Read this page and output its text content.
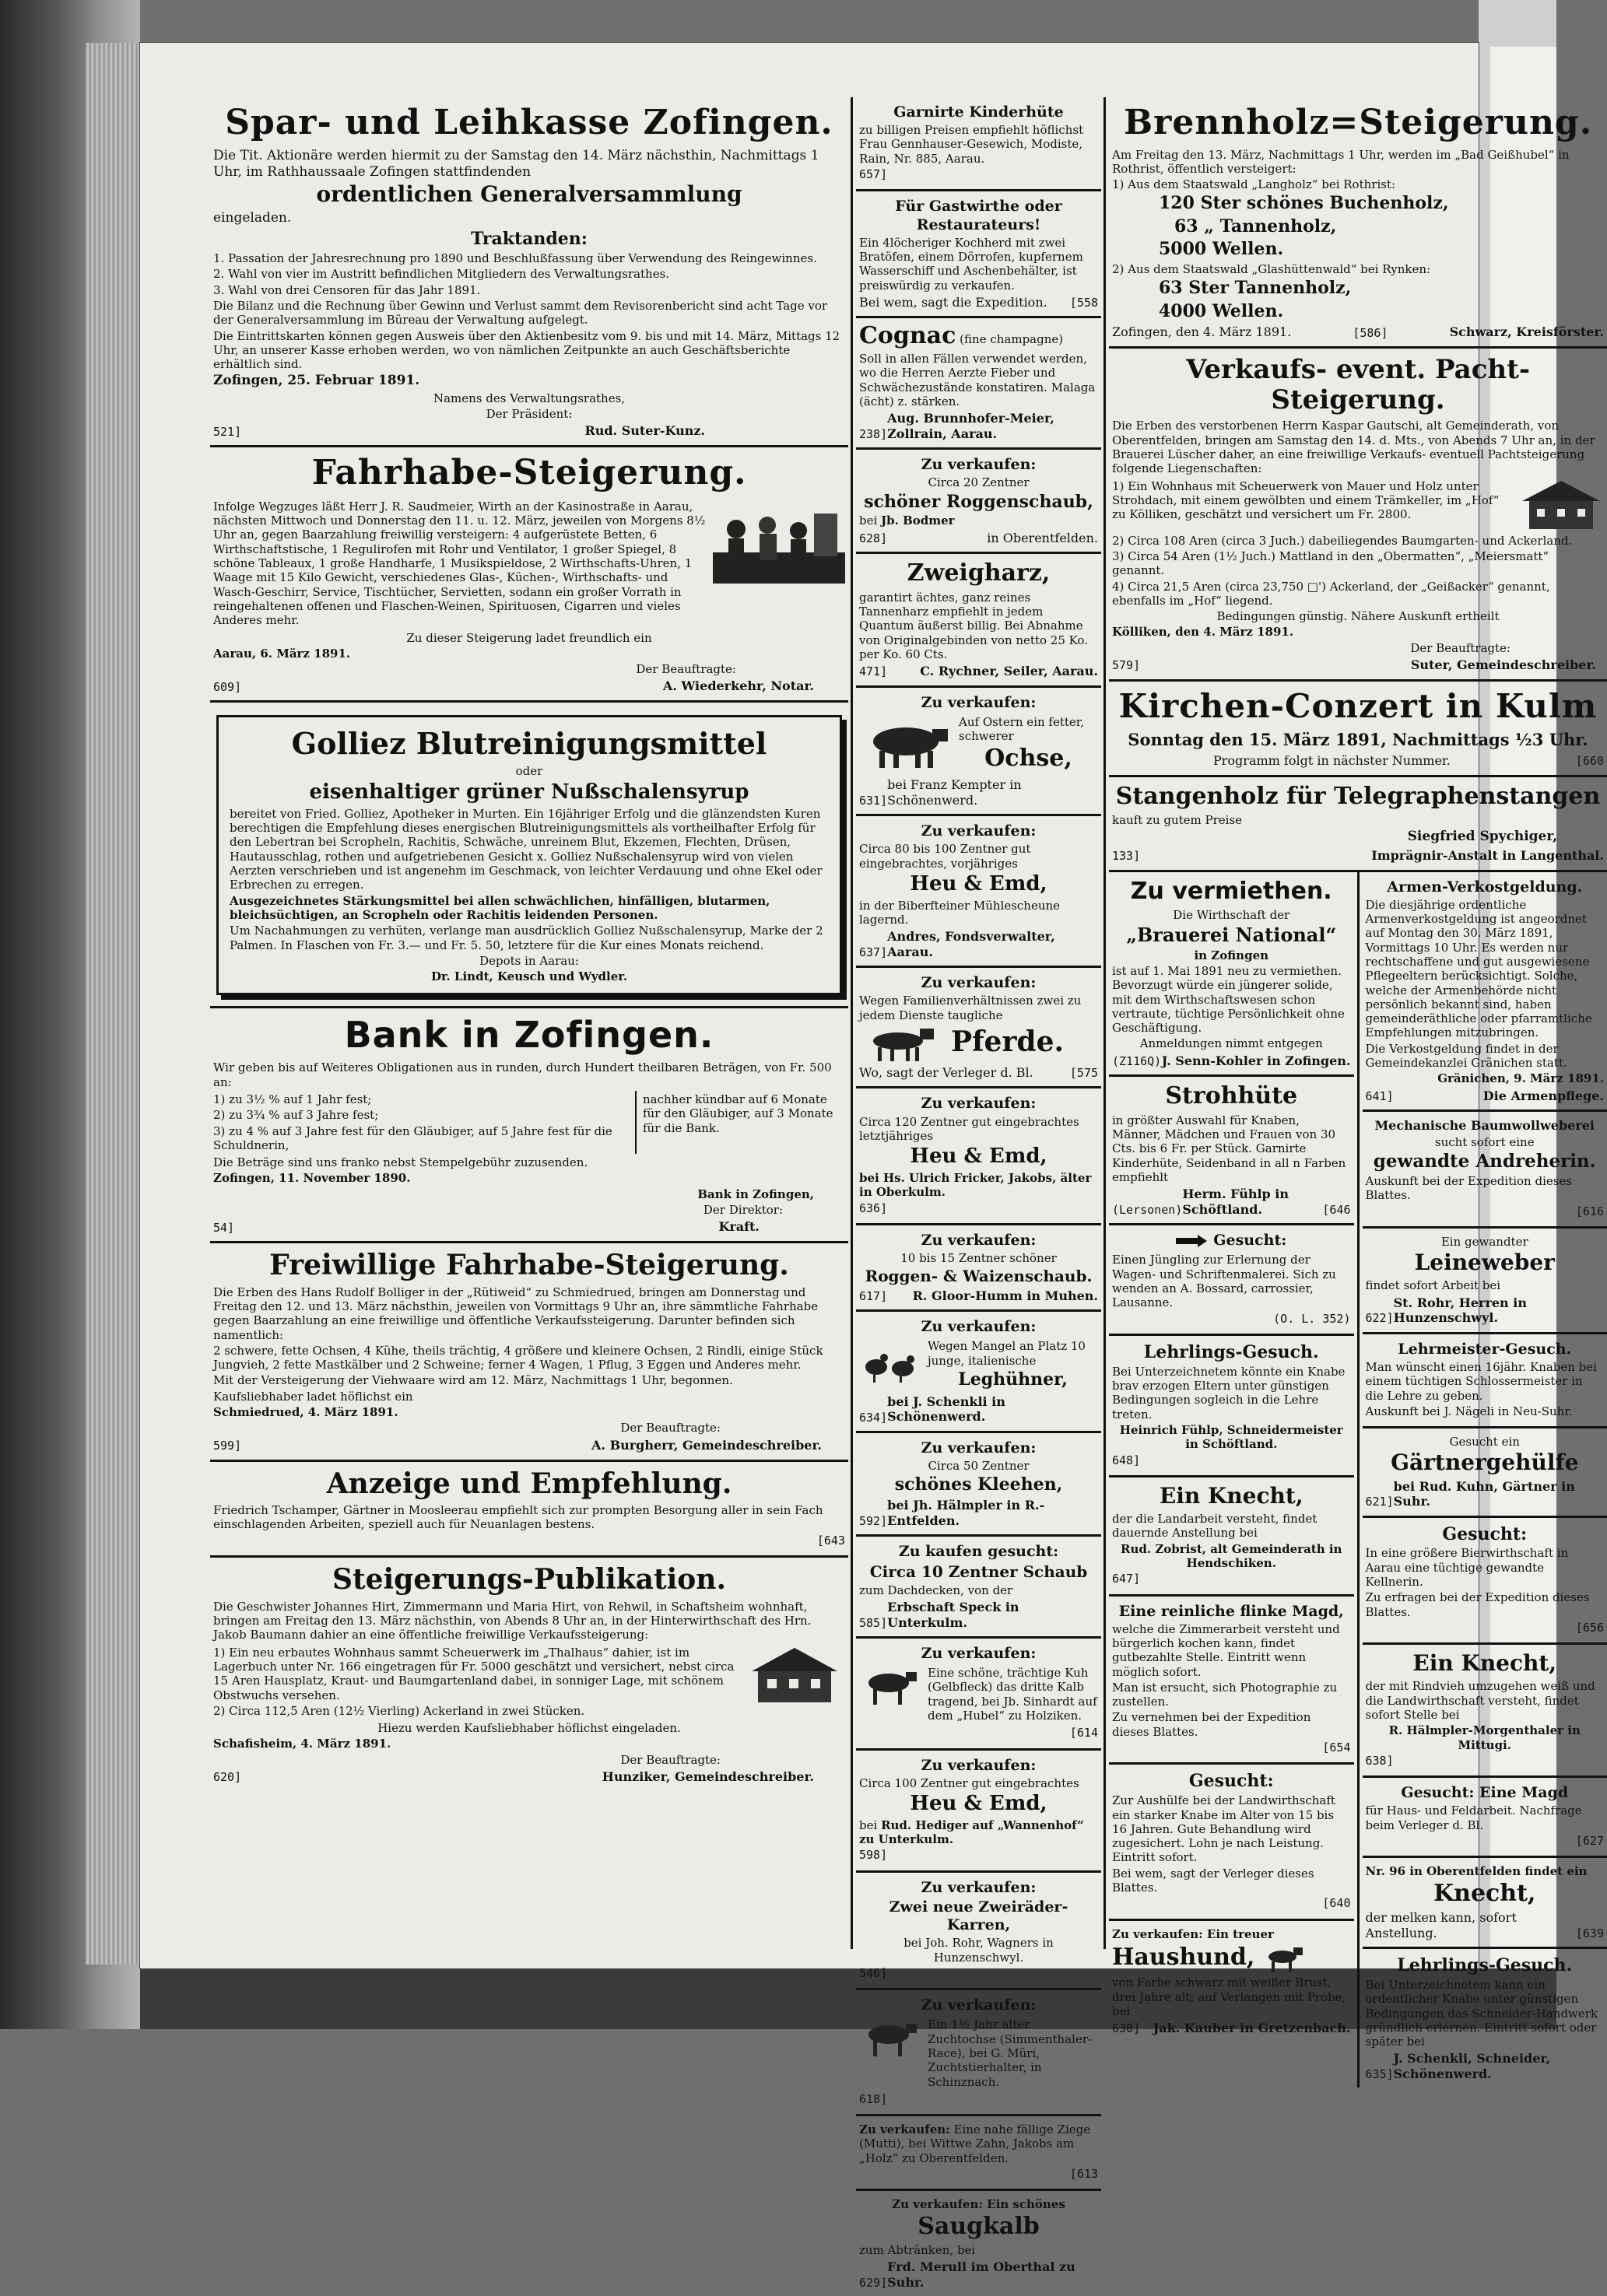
Spar- und Leihkasse Zofingen.

Die Tit. Aktionäre werden hiermit zu der Samstag den 14. März nächsthin, Nachmittags 1 Uhr, im Rathhaussaale Zofingen stattfindenden

ordentlichen Generalversammlung

eingeladen.

Traktanden:

1. Passation der Jahresrechnung pro 1890 und Beschlußfassung über Verwendung des Reingewinnes.

2. Wahl von vier im Austritt befindlichen Mitgliedern des Verwaltungsrathes.

3. Wahl von drei Censoren für das Jahr 1891.

Die Bilanz und die Rechnung über Gewinn und Verlust sammt dem Revisorenbericht sind acht Tage vor der Generalversammlung im Büreau der Verwaltung aufgelegt.

Die Eintrittskarten können gegen Ausweis über den Aktienbesitz vom 9. bis und mit 14. März, Mittags 12 Uhr, an unserer Kasse erhoben werden, wo von nämlichen Zeitpunkte an auch Geschäftsberichte erhältlich sind.

Zofingen, 25. Februar 1891.

Namens des Verwaltungsrathes,

Der Präsident:

521]	Rud. Suter-Kunz.
Fahrhabe-Steigerung.

Infolge Wegzuges läßt Herr J. R. Saudmeier, Wirth an der Kasinostraße in Aarau, nächsten Mittwoch und Donnerstag den 11. u. 12. März, jeweilen von Morgens 8½ Uhr an, gegen Baarzahlung freiwillig versteigern: 4 aufgerüstete Betten, 6 Wirthschaftstische, 1 Regulirofen mit Rohr und Ventilator, 1 großer Spiegel, 8 schöne Tableaux, 1 große Handharfe, 1 Musikspieldose, 2 Wirthschafts-Uhren, 1 Waage mit 15 Kilo Gewicht, verschiedenes Glas-, Küchen-, Wirthschafts- und Wasch-Geschirr, Service, Tischtücher, Servietten, sodann ein großer Vorrath in reingehaltenen offenen und Flaschen-Weinen, Spirituosen, Cigarren und vieles Anderes mehr.

Zu dieser Steigerung ladet freundlich ein

Aarau, 6. März 1891.

Der Beauftragte:

609]	A. Wiederkehr, Notar.
Golliez Blutreinigungsmittel

oder

eisenhaltiger grüner Nußschalensyrup

bereitet von Fried. Golliez, Apotheker in Murten. Ein 16jähriger Erfolg und die glänzendsten Kuren berechtigen die Empfehlung dieses energischen Blutreinigungsmittels als vortheilhafter Erfolg für den Lebertran bei Scropheln, Rachitis, Schwäche, unreinem Blut, Ekzemen, Flechten, Drüsen, Hautausschlag, rothen und aufgetriebenen Gesicht x. Golliez Nußschalensyrup wird von vielen Aerzten verschrieben und ist angenehm im Geschmack, von leichter Verdauung und ohne Ekel oder Erbrechen zu erregen.

Ausgezeichnetes Stärkungsmittel bei allen schwächlichen, hinfälligen, blutarmen, bleichsüchtigen, an Scropheln oder Rachitis leidenden Personen.

Um Nachahmungen zu verhüten, verlange man ausdrücklich Golliez Nußschalensyrup, Marke der 2 Palmen. In Flaschen von Fr. 3.— und Fr. 5. 50, letztere für die Kur eines Monats reichend.

Depots in Aarau:

Dr. Lindt, Keusch und Wydler.

Bank in Zofingen.

Wir geben bis auf Weiteres Obligationen aus in runden, durch Hundert theilbaren Beträgen, von Fr. 500 an:

1) zu 3½ % auf 1 Jahr fest;

2) zu 3¾ % auf 3 Jahre fest;

3) zu 4 % auf 3 Jahre fest für den Gläubiger, auf 5 Jahre fest für die Schuldnerin,

nachher kündbar auf 6 Monate für den Gläubiger, auf 3 Monate für die Bank.

Die Beträge sind uns franko nebst Stempelgebühr zuzusenden.

Zofingen, 11. November 1890.

Bank in Zofingen,

Der Direktor:

54]	Kraft.
Freiwillige Fahrhabe-Steigerung.

Die Erben des Hans Rudolf Bolliger in der „Rütiweid“ zu Schmiedrued, bringen am Donnerstag und Freitag den 12. und 13. März nächsthin, jeweilen von Vormittags 9 Uhr an, ihre sämmtliche Fahrhabe gegen Baarzahlung an eine freiwillige und öffentliche Verkaufssteigerung. Darunter befinden sich namentlich:

2 schwere, fette Ochsen, 4 Kühe, theils trächtig, 4 größere und kleinere Ochsen, 2 Rindli, einige Stück Jungvieh, 2 fette Mastkälber und 2 Schweine; ferner 4 Wagen, 1 Pflug, 3 Eggen und Anderes mehr.

Mit der Versteigerung der Viehwaare wird am 12. März, Nachmittags 1 Uhr, begonnen.

Kaufsliebhaber ladet höflichst ein

Schmiedrued, 4. März 1891.

Der Beauftragte:

599]	A. Burgherr, Gemeindeschreiber.
Anzeige und Empfehlung.

Friedrich Tschamper, Gärtner in Moosleerau empfiehlt sich zur prompten Besorgung aller in sein Fach einschlagenden Arbeiten, speziell auch für Neuanlagen bestens.

[643

Steigerungs-Publikation.

Die Geschwister Johannes Hirt, Zimmermann und Maria Hirt, von Rehwil, in Schaftsheim wohnhaft, bringen am Freitag den 13. März nächsthin, von Abends 8 Uhr an, in der Hinterwirthschaft des Hrn. Jakob Baumann dahier an eine öffentliche freiwillige Verkaufssteigerung:

1) Ein neu erbautes Wohnhaus sammt Scheuerwerk im „Thalhaus“ dahier, ist im Lagerbuch unter Nr. 166 eingetragen für Fr. 5000 geschätzt und versichert, nebst circa 15 Aren Hausplatz, Kraut- und Baumgartenland dabei, in sonniger Lage, mit schönem Obstwuchs versehen.

2) Circa 112,5 Aren (12½ Vierling) Ackerland in zwei Stücken.

Hiezu werden Kaufsliebhaber höflichst eingeladen.

Schafisheim, 4. März 1891.

Der Beauftragte:

620]	Hunziker, Gemeindeschreiber.
Garnirte Kinderhüte

zu billigen Preisen empfiehlt höflichst Frau Gennhauser-Gesewich, Modiste, Rain, Nr. 885, Aarau.

657]

Für Gastwirthe oder Restaurateurs!

Ein 4löcheriger Kochherd mit zwei Bratöfen, einem Dörrofen, kupfernem Wasserschiff und Aschenbehälter, ist preiswürdig zu verkaufen.

Bei wem, sagt die Expedition. [558
Cognac (fine champagne)

Soll in allen Fällen verwendet werden, wo die Herren Aerzte Fieber und Schwächezustände konstatiren. Malaga (ächt) z. stärken.

238]
Aug. Brunnhofer-Meier, Zollrain, Aarau.
Zu verkaufen:

Circa 20 Zentner

schöner Roggenschaub,

bei Jb. Bodmer

628]	in Oberentfelden.
Zweigharz,

garantirt ächtes, ganz reines Tannenharz empfiehlt in jedem Quantum äußerst billig. Bei Abnahme von Originalgebinden von netto 25 Ko. per Ko. 60 Cts.

471]	C. Rychner, Seiler, Aarau.
Zu verkaufen:

Auf Ostern ein fetter, schwerer

Ochse,
631]
bei Franz Kempter in Schönenwerd.
Zu verkaufen:

Circa 80 bis 100 Zentner gut eingebrachtes, vorjähriges

Heu & Emd,

in der Biberfteiner Mühlescheune lagernd.

637]
Andres, Fondsverwalter, Aarau.
Zu verkaufen:

Wegen Familienverhältnissen zwei zu jedem Dienste taugliche

Pferde.
Wo, sagt der Verleger d. Bl.	[575
Zu verkaufen:

Circa 120 Zentner gut eingebrachtes letztjähriges

Heu & Emd,

bei Hs. Ulrich Fricker, Jakobs, älter in Oberkulm.

636]

Zu verkaufen:

10 bis 15 Zentner schöner

Roggen- & Waizenschaub.
617] R. Gloor-Humm in Muhen.
Zu verkaufen:

Wegen Mangel an Platz 10 junge, italienische

Leghühner,
634]
bei J. Schenkli in Schönenwerd.
Zu verkaufen:

Circa 50 Zentner

schönes Kleehen,
592]
bei Jh. Hälmpler in R.-Entfelden.
Zu kaufen gesucht:
Circa 10 Zentner Schaub

zum Dachdecken, von der

585]
Erbschaft Speck in Unterkulm.
Zu verkaufen:

Eine schöne, trächtige Kuh (Gelbfleck) das dritte Kalb tragend, bei Jb. Sinhardt auf dem „Hubel“ zu Holziken.

[614

Zu verkaufen:

Circa 100 Zentner gut eingebrachtes

Heu & Emd,

bei Rud. Hediger auf „Wannenhof“ zu Unterkulm.

598]

Zu verkaufen:
Zwei neue Zweiräder-Karren,

bei Joh. Rohr, Wagners in Hunzenschwyl.

546]

Zu verkaufen:

Ein 1½ Jahr alter Zuchtochse (Simmenthaler-Race), bei G. Müri, Zuchtstierhalter, in Schinznach.

618]

Zu verkaufen: Eine nahe fällige Ziege (Mutti), bei Wittwe Zahn, Jakobs am „Holz“ zu Oberentfelden.

[613

Zu verkaufen: Ein schönes

Saugkalb

zum Abtränken, bei

629]
Frd. Merull im Oberthal zu Suhr.
Brennholz=Steigerung.

Am Freitag den 13. März, Nachmittags 1 Uhr, werden im „Bad Geißhubel“ in Rothrist, öffentlich versteigert:

1) Aus dem Staatswald „Langholz“ bei Rothrist:

120 Ster schönes Buchenholz,
63 „ Tannenholz,
5000 Wellen.

2) Aus dem Staatswald „Glashüttenwald“ bei Rynken:

63 Ster Tannenholz,
4000 Wellen.
Zofingen, den 4. März 1891.	[586]	Schwarz, Kreisförster.
Verkaufs- event. Pacht-Steigerung.

Die Erben des verstorbenen Herrn Kaspar Gautschi, alt Gemeinderath, von Oberentfelden, bringen am Samstag den 14. d. Mts., von Abends 7 Uhr an, in der Brauerei Lüscher daher, an eine freiwillige Verkaufs- eventuell Pachtsteigerung folgende Liegenschaften:

1) Ein Wohnhaus mit Scheuerwerk von Mauer und Holz unter Strohdach, mit einem gewölbten und einem Trämkeller, im „Hof“ zu Kölliken, geschätzt und versichert um Fr. 2800.

2) Circa 108 Aren (circa 3 Juch.) dabeiliegendes Baumgarten- und Ackerland.

3) Circa 54 Aren (1½ Juch.) Mattland in den „Obermatten“, „Meiersmatt“ genannt.

4) Circa 21,5 Aren (circa 23,750 □') Ackerland, der „Geißacker“ genannt, ebenfalls im „Hof“ liegend.

Bedingungen günstig. Nähere Auskunft ertheilt

Kölliken, den 4. März 1891.

Der Beauftragte:

579]	Suter, Gemeindeschreiber.
Kirchen-Conzert in Kulm
Sonntag den 15. März 1891, Nachmittags ½3 Uhr.
Programm folgt in nächster Nummer.	[660
Stangenholz für Telegraphenstangen

kauft zu gutem Preise

Siegfried Spychiger,

133]	Imprägnir-Anstalt in Langenthal.
Zu vermiethen.

Die Wirthschaft der

„Brauerei National“

in Zofingen

ist auf 1. Mai 1891 neu zu vermiethen. Bevorzugt würde ein jüngerer solide, mit dem Wirthschaftswesen schon vertraute, tüchtige Persönlichkeit ohne Geschäftigung.

Anmeldungen nimmt entgegen

(Z116Q) J. Senn-Kohler in Zofingen.
Strohhüte

in größter Auswahl für Knaben, Männer, Mädchen und Frauen von 30 Cts. bis 6 Fr. per Stück. Garnirte Kinderhüte, Seidenband in all n Farben empfiehlt

(Lersonen)
Herm. Fühlp in Schöftland.	[646
Gesucht:

Einen Jüngling zur Erlernung der Wagen- und Schriftenmalerei. Sich zu wenden an A. Bossard, carrossier, Lausanne.

(O. L. 352)

Lehrlings-Gesuch.

Bei Unterzeichnetem könnte ein Knabe brav erzogen Eltern unter günstigen Bedingungen sogleich in die Lehre treten.

Heinrich Fühlp, Schneidermeister in Schöftland.

648]

Ein Knecht,

der die Landarbeit versteht, findet dauernde Anstellung bei

Rud. Zobrist, alt Gemeinderath in Hendschiken.

647]

Eine reinliche flinke Magd,

welche die Zimmerarbeit versteht und bürgerlich kochen kann, findet gutbezahlte Stelle. Eintritt wenn möglich sofort.

Man ist ersucht, sich Photographie zu zustellen.

Zu vernehmen bei der Expedition dieses Blattes.

[654

Gesucht:

Zur Aushülfe bei der Landwirthschaft ein starker Knabe im Alter von 15 bis 16 Jahren. Gute Behandlung wird zugesichert. Lohn je nach Leistung. Eintritt sofort.

Bei wem, sagt der Verleger dieses Blattes.

[640

Zu verkaufen: Ein treuer

Haushund,

von Farbe schwarz mit weißer Brust, drei Jahre alt; auf Verlangen mit Probe, bei

630] Jak. Kauber in Gretzenbach.
Armen-Verkostgeldung.

Die diesjährige ordentliche Armenverkostgeldung ist angeordnet auf Montag den 30. März 1891, Vormittags 10 Uhr. Es werden nur rechtschaffene und gut ausgewiesene Pflegeeltern berücksichtigt. Solche, welche der Armenbehörde nicht persönlich bekannt sind, haben gemeinderäthliche oder pfarramtliche Empfehlungen mitzubringen.

Die Verkostgeldung findet in der Gemeindekanzlei Gränichen statt.

Gränichen, 9. März 1891.

641]	Die Armenpflege.
Mechanische Baumwollweberei

sucht sofort eine

gewandte Andreherin.

Auskunft bei der Expedition dieses Blattes.

[616

Ein gewandter

Leineweber

findet sofort Arbeit bei

622]
St. Rohr, Herren in Hunzenschwyl.
Lehrmeister-Gesuch.

Man wünscht einen 16jähr. Knaben bei einem tüchtigen Schlossermeister in die Lehre zu geben.

Auskunft bei J. Nägeli in Neu-Suhr.

Gesucht ein

Gärtnergehülfe
621]
bei Rud. Kuhn, Gärtner in Suhr.
Gesucht:

In eine größere Bierwirthschaft in Aarau eine tüchtige gewandte Kellnerin.

Zu erfragen bei der Expedition dieses Blattes.

[656

Ein Knecht,

der mit Rindvieh umzugehen weiß und die Landwirthschaft versteht, findet sofort Stelle bei

R. Hälmpler-Morgenthaler in Mittugi.

638]

Gesucht: Eine Magd

für Haus- und Feldarbeit. Nachfrage beim Verleger d. Bl.

[627

Nr. 96 in Oberentfelden findet ein

Knecht,
der melken kann, sofort Anstellung.	[639
Lehrlings-Gesuch.

Bei Unterzeichnetem kann ein ordentlicher Knabe unter günstigen Bedingungen das Schneider-Handwerk gründlich erlernen. Eintritt sofort oder später bei

635]
J. Schenkli, Schneider, Schönenwerd.
